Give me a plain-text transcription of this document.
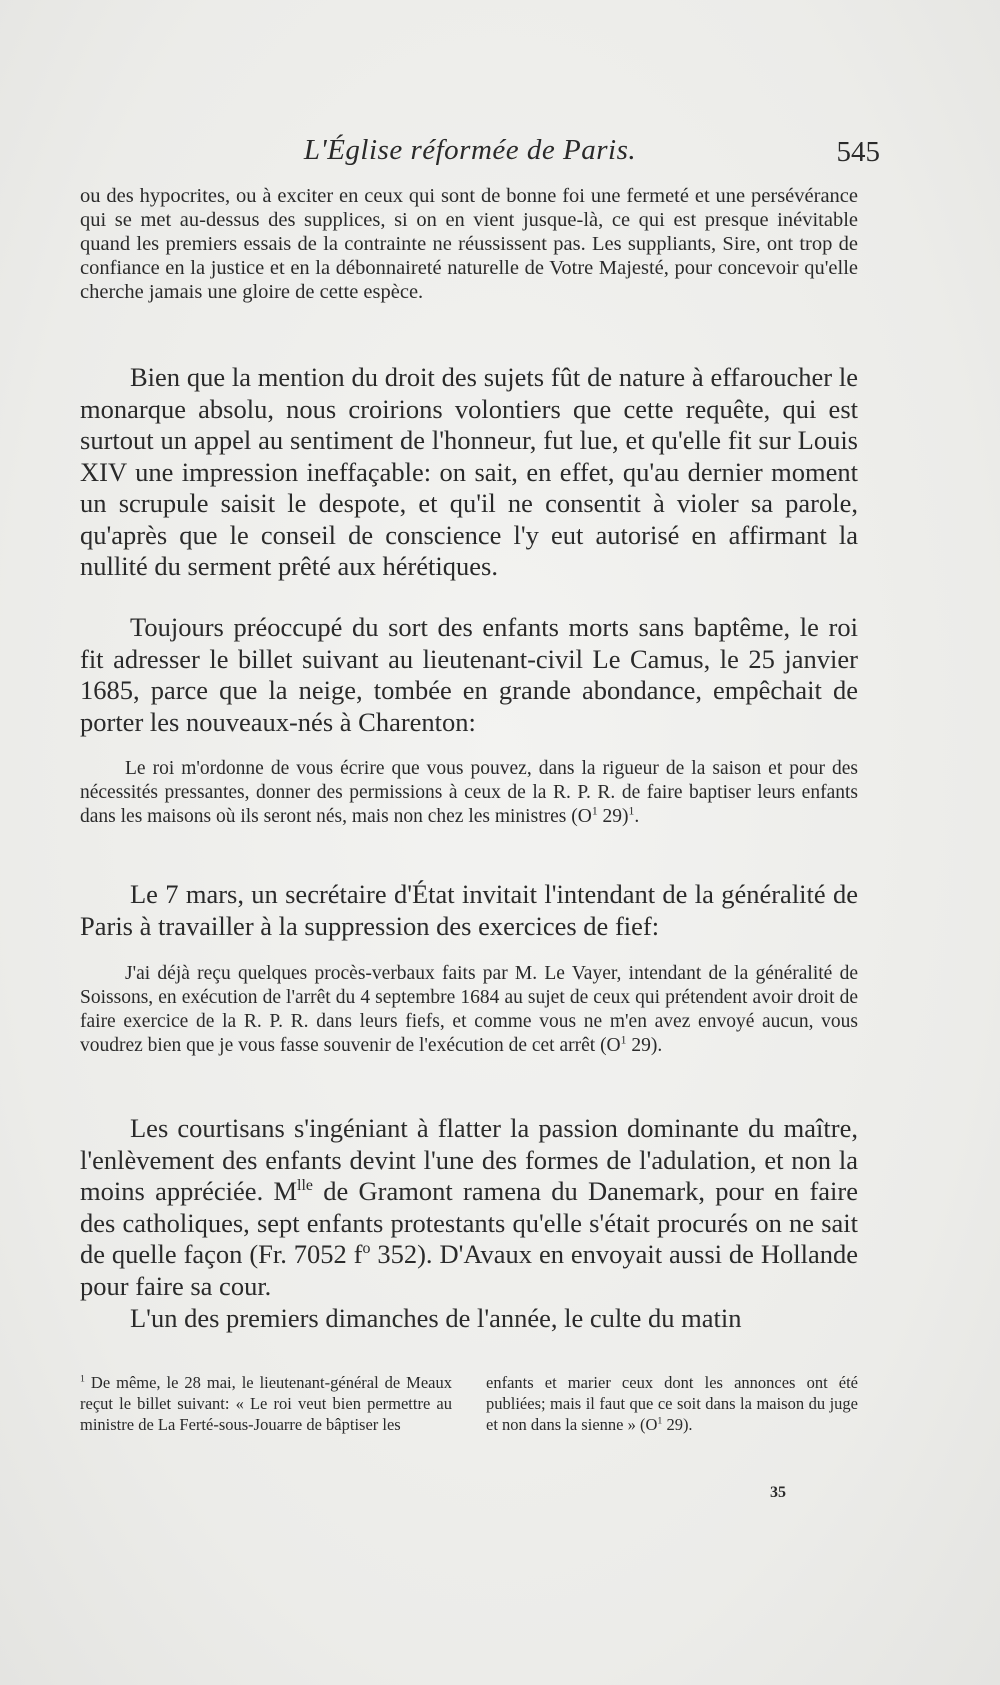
L'Église réformée de Paris.	545

ou des hypocrites, ou à exciter en ceux qui sont de bonne foi une fermeté et une persévérance qui se met au-dessus des supplices, si on en vient jusque-là, ce qui est presque inévitable quand les premiers essais de la contrainte ne réussissent pas. Les suppliants, Sire, ont trop de confiance en la justice et en la débonnaireté naturelle de Votre Majesté, pour concevoir qu'elle cherche jamais une gloire de cette espèce.

Bien que la mention du droit des sujets fût de nature à effaroucher le monarque absolu, nous croirions volontiers que cette requête, qui est surtout un appel au sentiment de l'honneur, fut lue, et qu'elle fit sur Louis XIV une impression ineffaçable: on sait, en effet, qu'au dernier moment un scrupule saisit le despote, et qu'il ne consentit à violer sa parole, qu'après que le conseil de conscience l'y eut autorisé en affirmant la nullité du serment prêté aux hérétiques.

Toujours préoccupé du sort des enfants morts sans baptême, le roi fit adresser le billet suivant au lieutenant-civil Le Camus, le 25 janvier 1685, parce que la neige, tombée en grande abondance, empêchait de porter les nouveaux-nés à Charenton:

Le roi m'ordonne de vous écrire que vous pouvez, dans la rigueur de la saison et pour des nécessités pressantes, donner des permissions à ceux de la R. P. R. de faire baptiser leurs enfants dans les maisons où ils seront nés, mais non chez les ministres ($O^1$ 29)$^1$.

Le 7 mars, un secrétaire d'État invitait l'intendant de la généralité de Paris à travailler à la suppression des exercices de fief:

J'ai déjà reçu quelques procès-verbaux faits par M. Le Vayer, intendant de la généralité de Soissons, en exécution de l'arrêt du 4 septembre 1684 au sujet de ceux qui prétendent avoir droit de faire exercice de la R. P. R. dans leurs fiefs, et comme vous ne m'en avez envoyé aucun, vous voudrez bien que je vous fasse souvenir de l'exécution de cet arrêt ($O^1$ 29).

Les courtisans s'ingéniant à flatter la passion dominante du maître, l'enlèvement des enfants devint l'une des formes de l'adulation, et non la moins appréciée. $M^{lle}$ de Gramont ramena du Danemark, pour en faire des catholiques, sept enfants protestants qu'elle s'était procurés on ne sait de quelle façon (Fr. 7052 $f^o$ 352). D'Avaux en envoyait aussi de Hollande pour faire sa cour.

L'un des premiers dimanches de l'année, le culte du matin

$^1$ De même, le 28 mai, le lieutenant-général de Meaux reçut le billet suivant: « Le roi veut bien permettre au ministre de La Ferté-sous-Jouarre de bâptiser les
enfants et marier ceux dont les annonces ont été publiées; mais il faut que ce soit dans la maison du juge et non dans la sienne » ($O^1$ 29).
35
